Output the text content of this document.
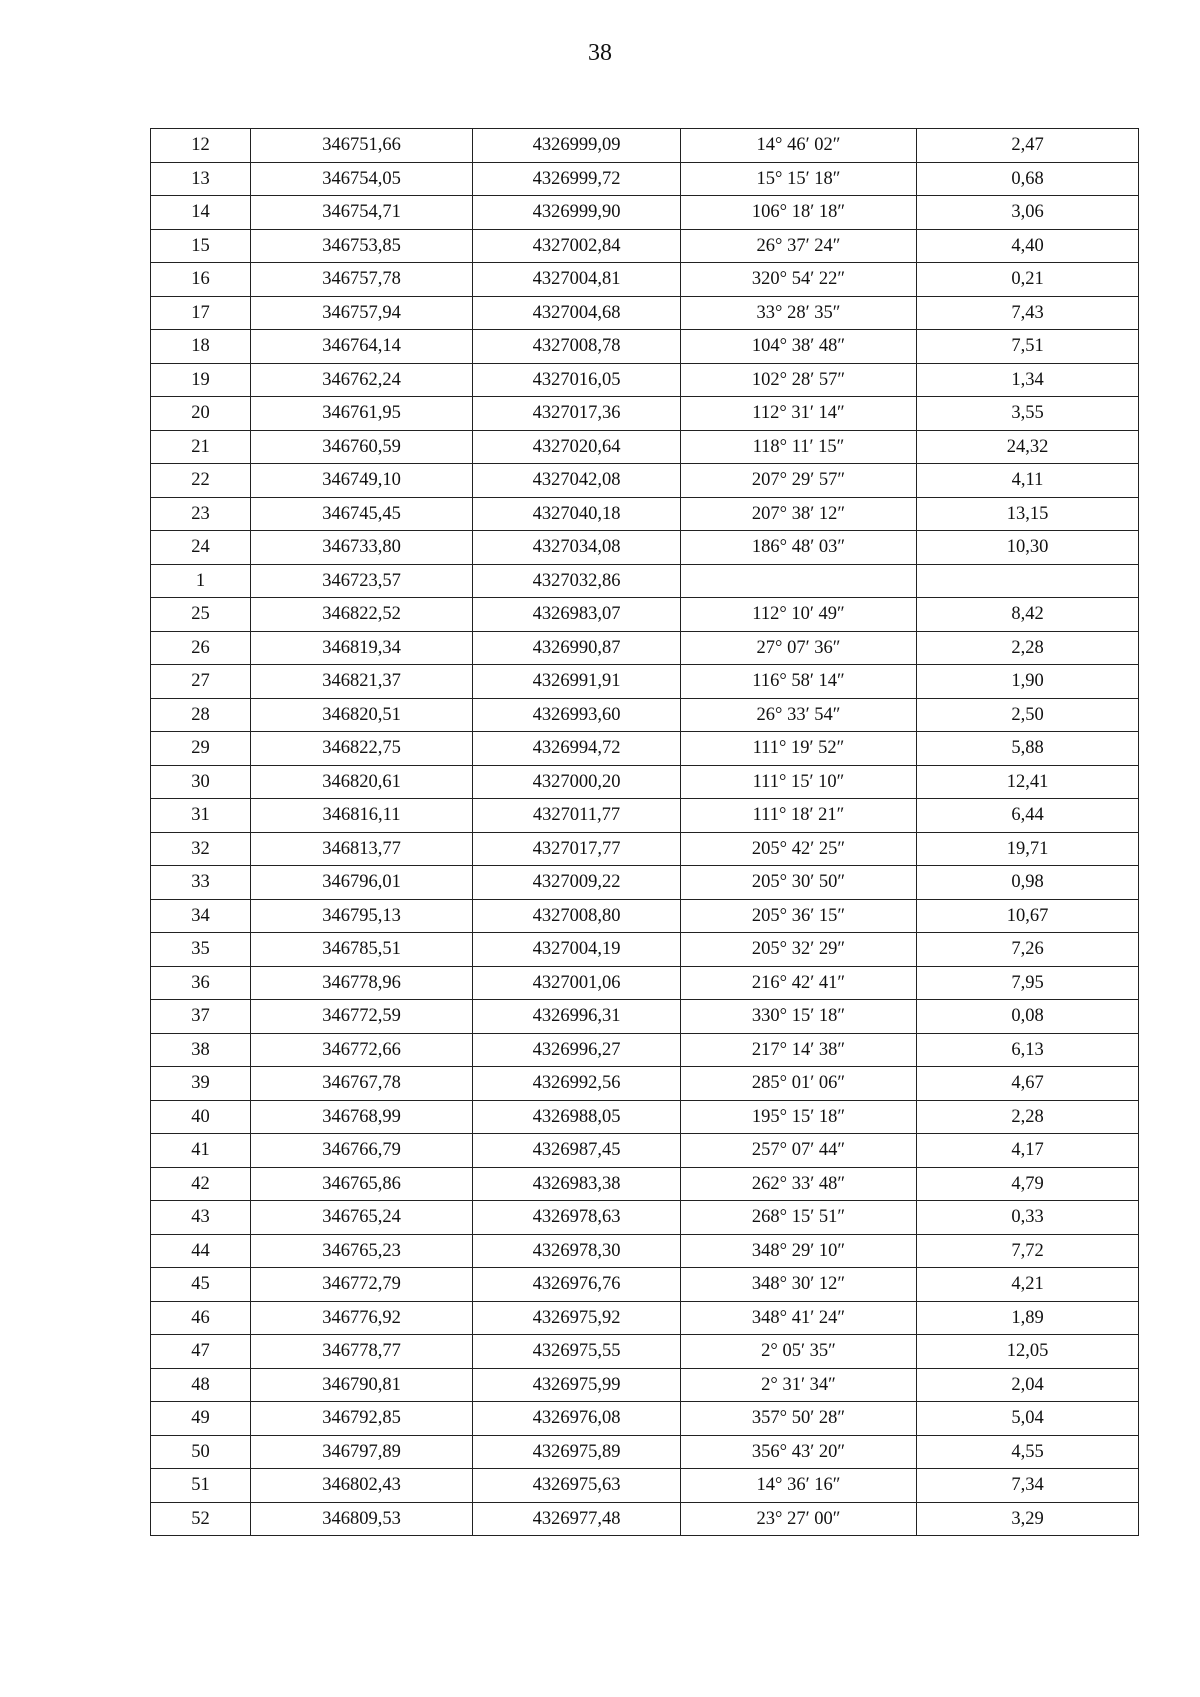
38
12	346751,66	4326999,09	14° 46′ 02″	2,47
13	346754,05	4326999,72	15° 15′ 18″	0,68
14	346754,71	4326999,90	106° 18′ 18″	3,06
15	346753,85	4327002,84	26° 37′ 24″	4,40
16	346757,78	4327004,81	320° 54′ 22″	0,21
17	346757,94	4327004,68	33° 28′ 35″	7,43
18	346764,14	4327008,78	104° 38′ 48″	7,51
19	346762,24	4327016,05	102° 28′ 57″	1,34
20	346761,95	4327017,36	112° 31′ 14″	3,55
21	346760,59	4327020,64	118° 11′ 15″	24,32
22	346749,10	4327042,08	207° 29′ 57″	4,11
23	346745,45	4327040,18	207° 38′ 12″	13,15
24	346733,80	4327034,08	186° 48′ 03″	10,30
1	346723,57	4327032,86		
25	346822,52	4326983,07	112° 10′ 49″	8,42
26	346819,34	4326990,87	27° 07′ 36″	2,28
27	346821,37	4326991,91	116° 58′ 14″	1,90
28	346820,51	4326993,60	26° 33′ 54″	2,50
29	346822,75	4326994,72	111° 19′ 52″	5,88
30	346820,61	4327000,20	111° 15′ 10″	12,41
31	346816,11	4327011,77	111° 18′ 21″	6,44
32	346813,77	4327017,77	205° 42′ 25″	19,71
33	346796,01	4327009,22	205° 30′ 50″	0,98
34	346795,13	4327008,80	205° 36′ 15″	10,67
35	346785,51	4327004,19	205° 32′ 29″	7,26
36	346778,96	4327001,06	216° 42′ 41″	7,95
37	346772,59	4326996,31	330° 15′ 18″	0,08
38	346772,66	4326996,27	217° 14′ 38″	6,13
39	346767,78	4326992,56	285° 01′ 06″	4,67
40	346768,99	4326988,05	195° 15′ 18″	2,28
41	346766,79	4326987,45	257° 07′ 44″	4,17
42	346765,86	4326983,38	262° 33′ 48″	4,79
43	346765,24	4326978,63	268° 15′ 51″	0,33
44	346765,23	4326978,30	348° 29′ 10″	7,72
45	346772,79	4326976,76	348° 30′ 12″	4,21
46	346776,92	4326975,92	348° 41′ 24″	1,89
47	346778,77	4326975,55	2° 05′ 35″	12,05
48	346790,81	4326975,99	2° 31′ 34″	2,04
49	346792,85	4326976,08	357° 50′ 28″	5,04
50	346797,89	4326975,89	356° 43′ 20″	4,55
51	346802,43	4326975,63	14° 36′ 16″	7,34
52	346809,53	4326977,48	23° 27′ 00″	3,29
